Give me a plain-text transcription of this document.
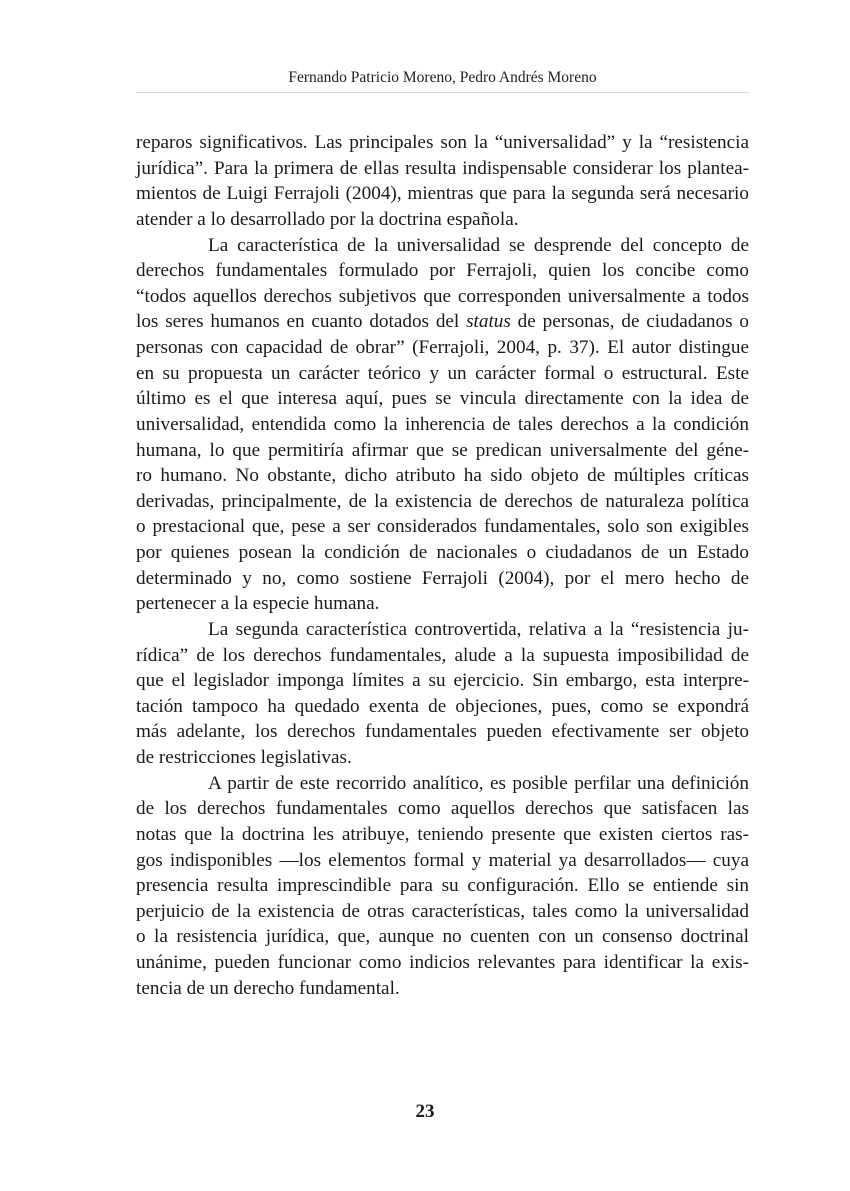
Fernando Patricio Moreno, Pedro Andrés Moreno
reparos significativos. Las principales son la “universalidad” y la “resistencia
jurídica”. Para la primera de ellas resulta indispensable considerar los plantea-
mientos de Luigi Ferrajoli (2004), mientras que para la segunda será necesario
atender a lo desarrollado por la doctrina española.
La característica de la universalidad se desprende del concepto de
derechos fundamentales formulado por Ferrajoli, quien los concibe como
“todos aquellos derechos subjetivos que corresponden universalmente a todos
los seres humanos en cuanto dotados del status de personas, de ciudadanos o
personas con capacidad de obrar” (Ferrajoli, 2004, p. 37). El autor distingue
en su propuesta un carácter teórico y un carácter formal o estructural. Este
último es el que interesa aquí, pues se vincula directamente con la idea de
universalidad, entendida como la inherencia de tales derechos a la condición
humana, lo que permitiría afirmar que se predican universalmente del géne-
ro humano. No obstante, dicho atributo ha sido objeto de múltiples críticas
derivadas, principalmente, de la existencia de derechos de naturaleza política
o prestacional que, pese a ser considerados fundamentales, solo son exigibles
por quienes posean la condición de nacionales o ciudadanos de un Estado
determinado y no, como sostiene Ferrajoli (2004), por el mero hecho de
pertenecer a la especie humana.
La segunda característica controvertida, relativa a la “resistencia ju-
rídica” de los derechos fundamentales, alude a la supuesta imposibilidad de
que el legislador imponga límites a su ejercicio. Sin embargo, esta interpre-
tación tampoco ha quedado exenta de objeciones, pues, como se expondrá
más adelante, los derechos fundamentales pueden efectivamente ser objeto
de restricciones legislativas.
A partir de este recorrido analítico, es posible perfilar una definición
de los derechos fundamentales como aquellos derechos que satisfacen las
notas que la doctrina les atribuye, teniendo presente que existen ciertos ras-
gos indisponibles —los elementos formal y material ya desarrollados— cuya
presencia resulta imprescindible para su configuración. Ello se entiende sin
perjuicio de la existencia de otras características, tales como la universalidad
o la resistencia jurídica, que, aunque no cuenten con un consenso doctrinal
unánime, pueden funcionar como indicios relevantes para identificar la exis-
tencia de un derecho fundamental.
23
